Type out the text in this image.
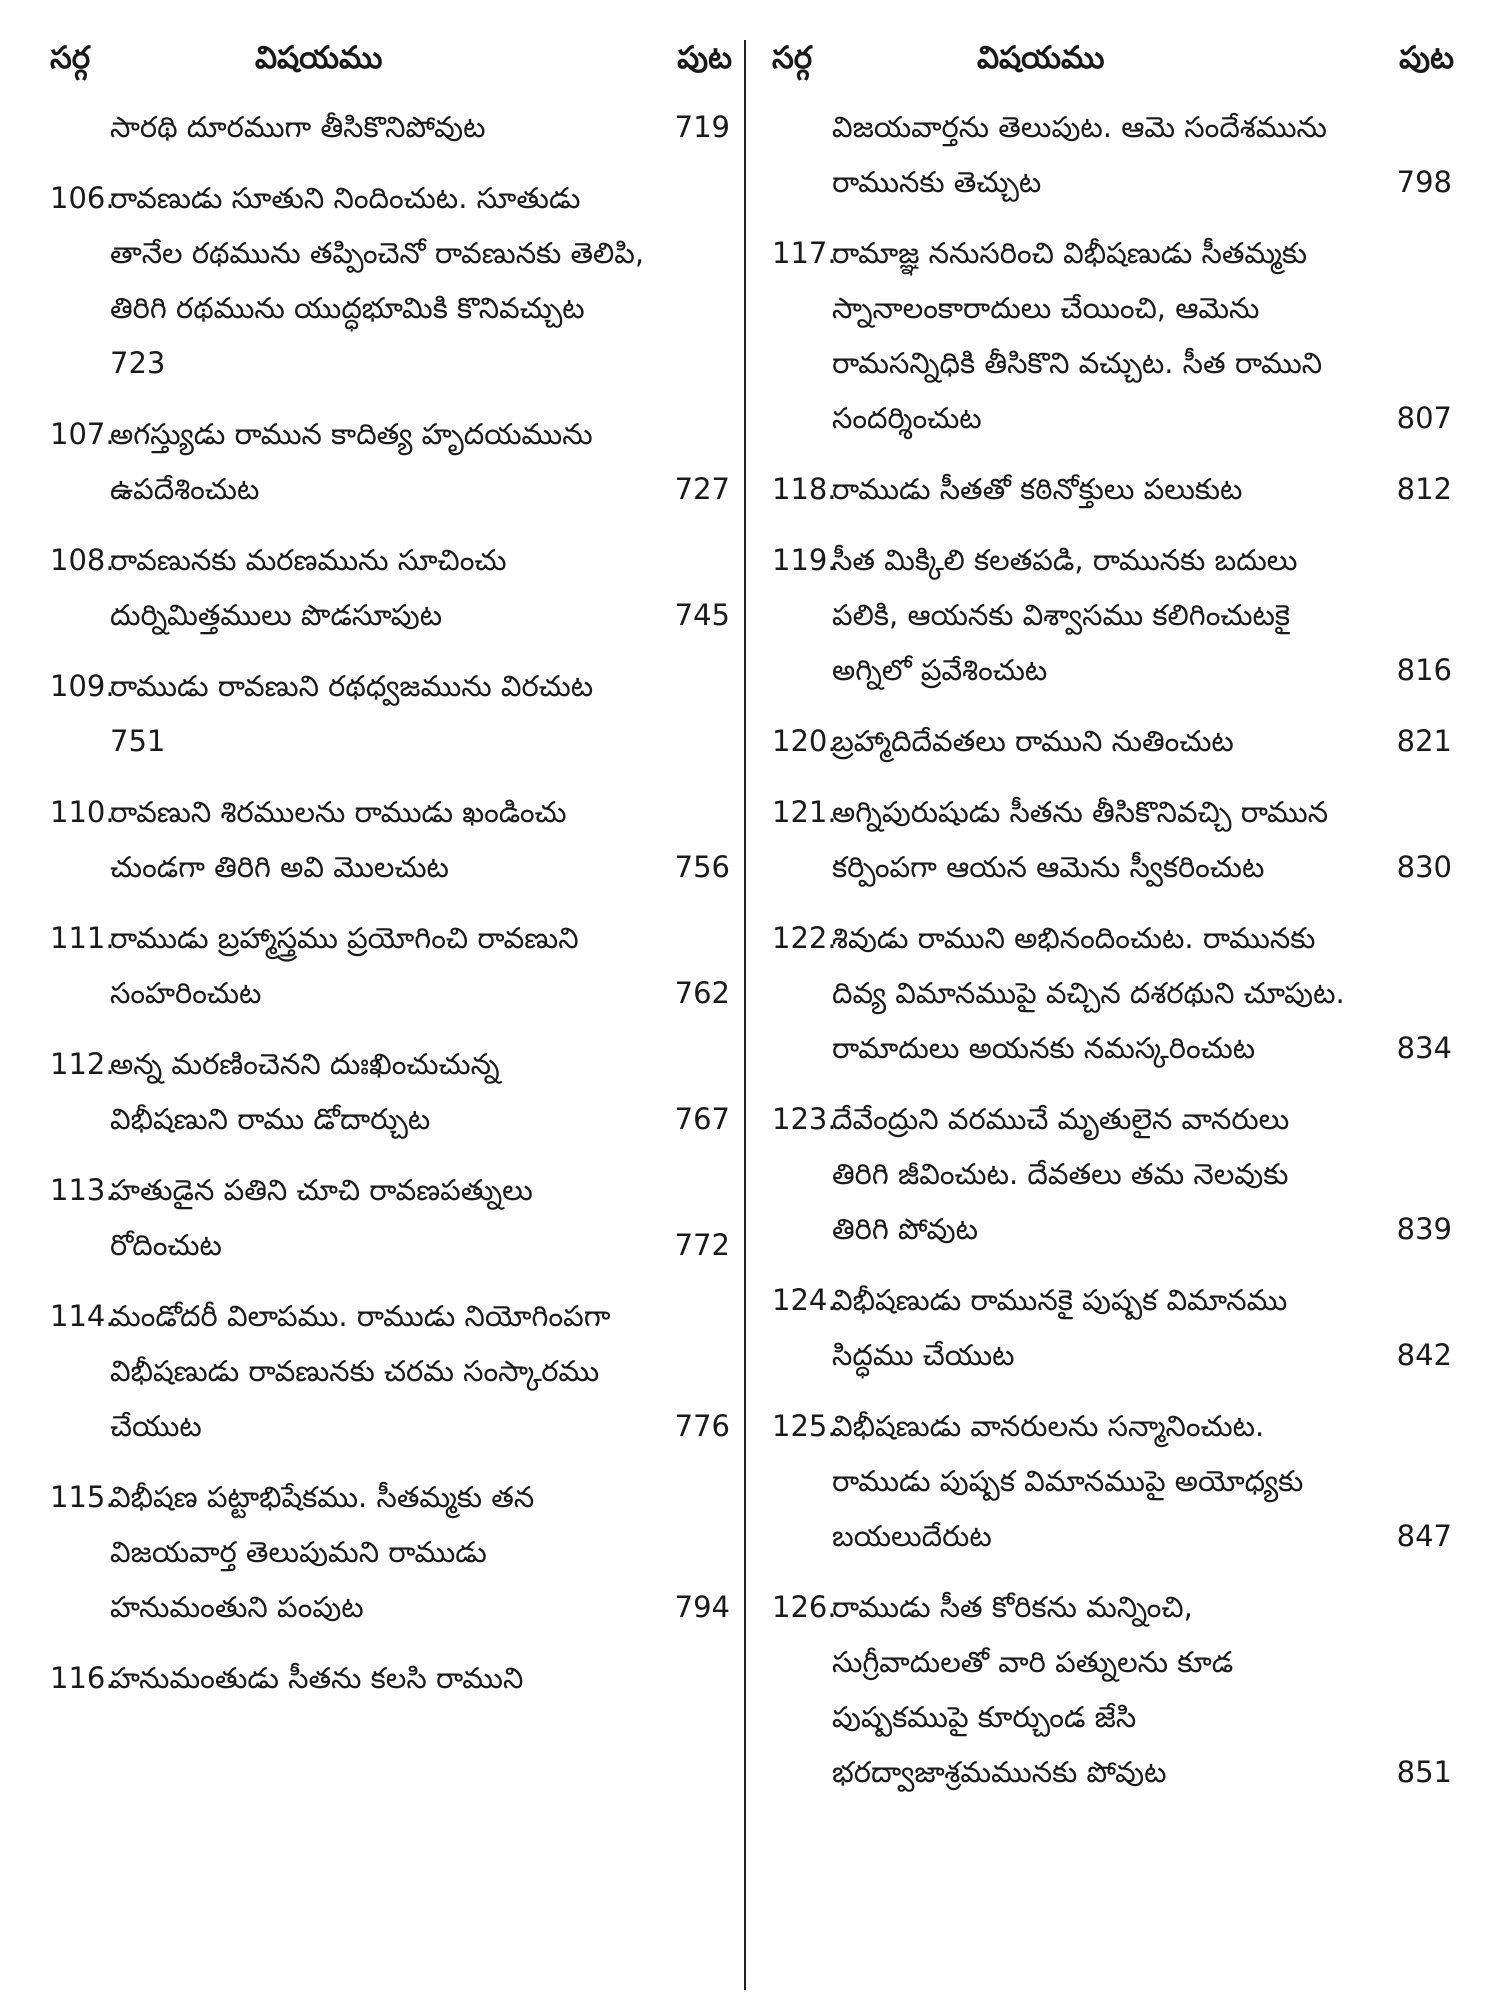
సర్గ	విషయము	పుట
సారథి దూరముగా తీసికొనిపోవుట	719
106.
రావణుడు సూతుని నిందించుట. సూతుడు
తానేల రథమును తప్పించెనో రావణునకు తెలిపి,
తిరిగి రథమును యుద్ధభూమికి కొనివచ్చుట
723
107.
అగస్త్యుడు రామున కాదిత్య హృదయమును
ఉపదేశించుట	727
108.
రావణునకు మరణమును సూచించు
దుర్నిమిత్తములు పొడసూపుట	745
109.
రాముడు రావణుని రథధ్వజమును విరచుట
751
110.
రావణుని శిరములను రాముడు ఖండించు
చుండగా తిరిగి అవి మొలచుట	756
111.
రాముడు బ్రహ్మాస్త్రము ప్రయోగించి రావణుని
సంహరించుట	762
112.
అన్న మరణించెనని దుఃఖించుచున్న
విభీషణుని రాము డోదార్చుట	767
113.
హతుడైన పతిని చూచి రావణపత్నులు
రోదించుట	772
114.
మండోదరీ విలాపము. రాముడు నియోగింపగా
విభీషణుడు రావణునకు చరమ సంస్కారము
చేయుట	776
115.
విభీషణ పట్టాభిషేకము. సీతమ్మకు తన
విజయవార్త తెలుపుమని రాముడు
హనుమంతుని పంపుట	794
116.
హనుమంతుడు సీతను కలసి రాముని
సర్గ	విషయము	పుట
విజయవార్తను తెలుపుట. ఆమె సందేశమును
రామునకు తెచ్చుట	798
117.
రామాజ్ఞ ననుసరించి విభీషణుడు సీతమ్మకు
స్నానాలంకారాదులు చేయించి, ఆమెను
రామసన్నిధికి తీసికొని వచ్చుట. సీత రాముని
సందర్శించుట	807
118.
రాముడు సీతతో కఠినోక్తులు పలుకుట	812
119.
సీత మిక్కిలి కలతపడి, రామునకు బదులు
పలికి, ఆయనకు విశ్వాసము కలిగించుటకై
అగ్నిలో ప్రవేశించుట	816
120.
బ్రహ్మాదిదేవతలు రాముని నుతించుట	821
121.
అగ్నిపురుషుడు సీతను తీసికొనివచ్చి రామున
కర్పింపగా ఆయన ఆమెను స్వీకరించుట	830
122.
శివుడు రాముని అభినందించుట. రామునకు
దివ్య విమానముపై వచ్చిన దశరథుని చూపుట.
రామాదులు అయనకు నమస్కరించుట	834
123.
దేవేంద్రుని వరముచే మృతులైన వానరులు
తిరిగి జీవించుట. దేవతలు తమ నెలవుకు
తిరిగి పోవుట	839
124.
విభీషణుడు రామునకై పుష్పక విమానము
సిద్ధము చేయుట	842
125.
విభీషణుడు వానరులను సన్మానించుట.
రాముడు పుష్పక విమానముపై అయోధ్యకు
బయలుదేరుట	847
126.
రాముడు సీత కోరికను మన్నించి,
సుగ్రీవాదులతో వారి పత్నులను కూడ
పుష్పకముపై కూర్చుండ జేసి
భరద్వాజాశ్రమమునకు పోవుట	851
